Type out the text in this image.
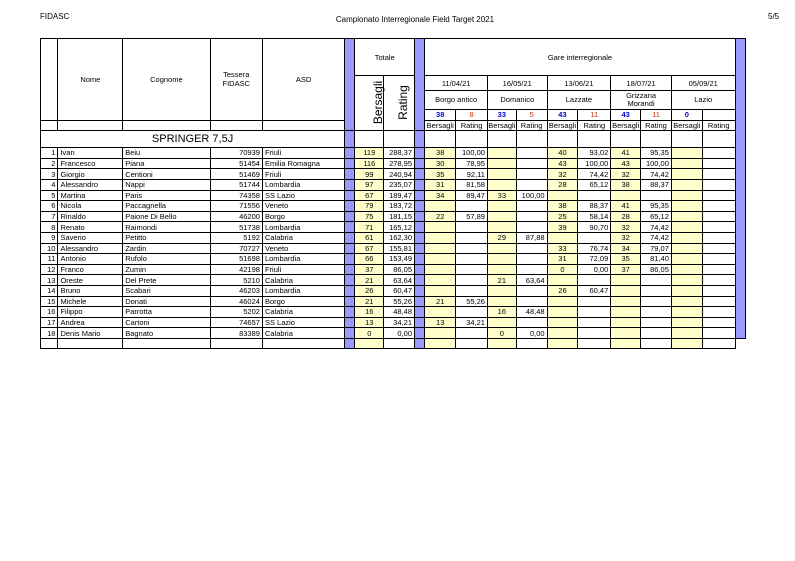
FIDASC	Campionato Interregionale Field Target 2021	5/5
	Nome	Cognome	Tessera FIDASC	ASD		Totale			Gare interregionale										
						Bersagli	Rating		11/04/21		16/05/21		13/06/21		18/07/21		05/09/21		
									Borgo antico		Domanico		Lazzate		Grizzana Morandi		Lazio		
									38	8	33	5	43	11	43	11	0		
									Bersagli	Rating	Bersagli	Rating	Bersagli	Rating	Bersagli	Rating	Bersagli	Rating	
SPRINGER 7,5J																			
1	Ivan	Beiu	70939	Friuli		119	288,37		38	100,00			40	93,02	41	95,35			
2	Francesco	Piana	51454	Emilia Romagna		116	278,95		30	78,95			43	100,00	43	100,00			
3	Giorgio	Centioni	51469	Friuli		99	240,94		35	92,11			32	74,42	32	74,42			
4	Alessandro	Nappi	51744	Lombardia		97	235,07		31	81,58			28	65,12	38	88,37			
5	Martina	Paris	74358	SS Lazio		67	189,47		34	89,47	33	100,00							
6	Nicola	Paccagnella	71556	Veneto		79	183,72						38	88,37	41	95,35			
7	Rinaldo	Paione Di Bello	46200	Borgo		75	181,15		22	57,89			25	58,14	28	65,12			
8	Renato	Raimondi	51738	Lombardia		71	165,12						39	90,70	32	74,42			
9	Saverio	Petitto	5192	Calabria		61	162,30				29	87,88			32	74,42			
10	Alessandro	Zardin	70727	Veneto		67	155,81						33	76,74	34	79,07			
11	Antonio	Rufolo	51698	Lombardia		66	153,49						31	72,09	35	81,40			
12	Franco	Zumin	42198	Friuli		37	86,05						0	0,00	37	86,05			
13	Oreste	Del Prete	5210	Calabria		21	63,64				21	63,64							
14	Bruno	Scabari	46203	Lombardia		26	60,47						26	60,47					
15	Michele	Donati	46024	Borgo		21	55,26		21	55,26									
16	Filippo	Parrotta	5202	Calabria		16	48,48				16	48,48							
17	Andrea	Cartoni	74657	SS Lazio		13	34,21		13	34,21									
18	Denis Mario	Bagnato	83389	Calabria		0	0,00				0	0,00							
